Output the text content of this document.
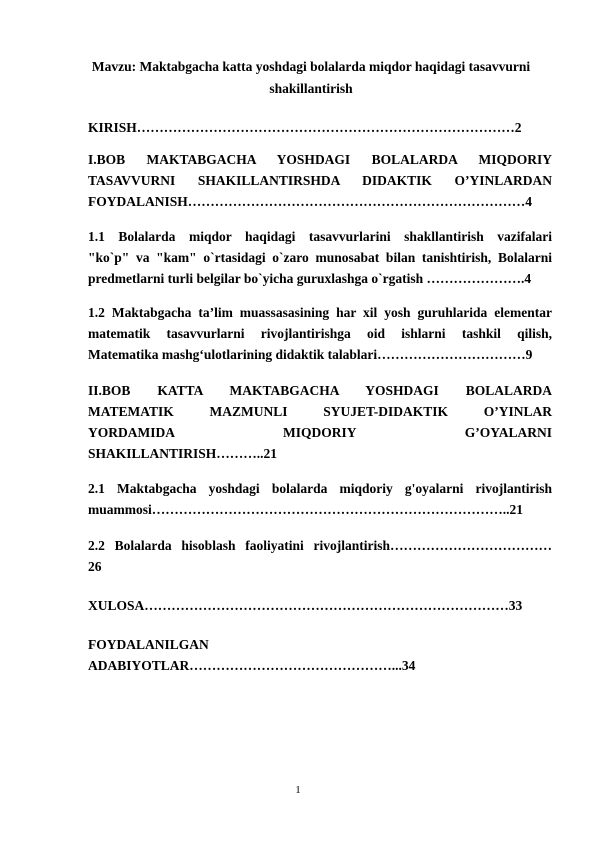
Mavzu: Maktabgacha katta yoshdagi bolalarda miqdor haqidagi tasavvurni
shakillantirish
KIRISH…………………………………………………………………………2
I.BOB MAKTABGACHA YOSHDAGI BOLALARDA MIQDORIY
TASAVVURNI SHAKILLANTIRSHDA DIDAKTIK O’YINLARDAN
FOYDALANISH…………………………………………………………………4
1.1 Bolalarda miqdor haqidagi tasavvurlarini shakllantirish vazifalari
"ko`p" va "kam" o`rtasidagi o`zaro munosabat bilan tanishtirish, Bolalarni
predmetlarni turli belgilar bo`yicha guruxlashga o`rgatish ………………….4
1.2 Maktabgacha ta’lim muassasasining har xil yosh guruhlarida elementar
matematik tasavvurlarni rivojlantirishga oid ishlarni tashkil qilish,
Matematika mashg‘ulotlarining didaktik talablari……………………………9
II.BOB KATTA MAKTABGACHA YOSHDAGI BOLALARDA
MATEMATIK MAZMUNLI SYUJET-DIDAKTIK O’YINLAR
YORDAMIDA MIQDORIY G’OYALARNI
SHAKILLANTIRISH………..21
2.1 Maktabgacha yoshdagi bolalarda miqdoriy g'oyalarni rivojlantirish
muammosi……………………………………………………………………..21
2.2 Bolalarda hisoblash faoliyatini rivojlantirish………………………………
26
XULOSA………………………………………………………………………33
FOYDALANILGAN
ADABIYOTLAR………………………………………...34
1
